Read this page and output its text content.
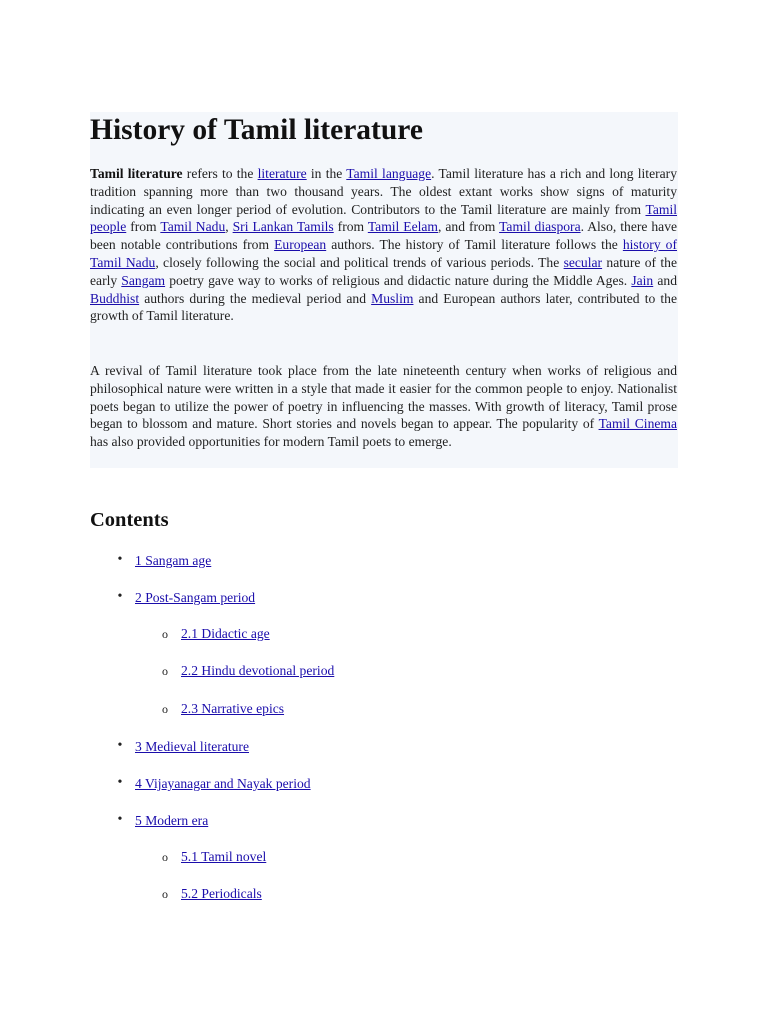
History of Tamil literature

Tamil literature refers to the literature in the Tamil language. Tamil literature has a rich and long literary tradition spanning more than two thousand years. The oldest extant works show signs of maturity indicating an even longer period of evolution. Contributors to the Tamil literature are mainly from Tamil people from Tamil Nadu, Sri Lankan Tamils from Tamil Eelam, and from Tamil diaspora. Also, there have been notable contributions from European authors. The history of Tamil literature follows the history of Tamil Nadu, closely following the social and political trends of various periods. The secular nature of the early Sangam poetry gave way to works of religious and didactic nature during the Middle Ages. Jain and Buddhist authors during the medieval period and Muslim and European authors later, contributed to the growth of Tamil literature.

A revival of Tamil literature took place from the late nineteenth century when works of religious and philosophical nature were written in a style that made it easier for the common people to enjoy. Nationalist poets began to utilize the power of poetry in influencing the masses. With growth of literacy, Tamil prose began to blossom and mature. Short stories and novels began to appear. The popularity of Tamil Cinema has also provided opportunities for modern Tamil poets to emerge.

Contents
• 1 Sangam age
• 2 Post-Sangam period
o 2.1 Didactic age
o 2.2 Hindu devotional period
o 2.3 Narrative epics
• 3 Medieval literature
• 4 Vijayanagar and Nayak period
• 5 Modern era
o 5.1 Tamil novel
o 5.2 Periodicals
